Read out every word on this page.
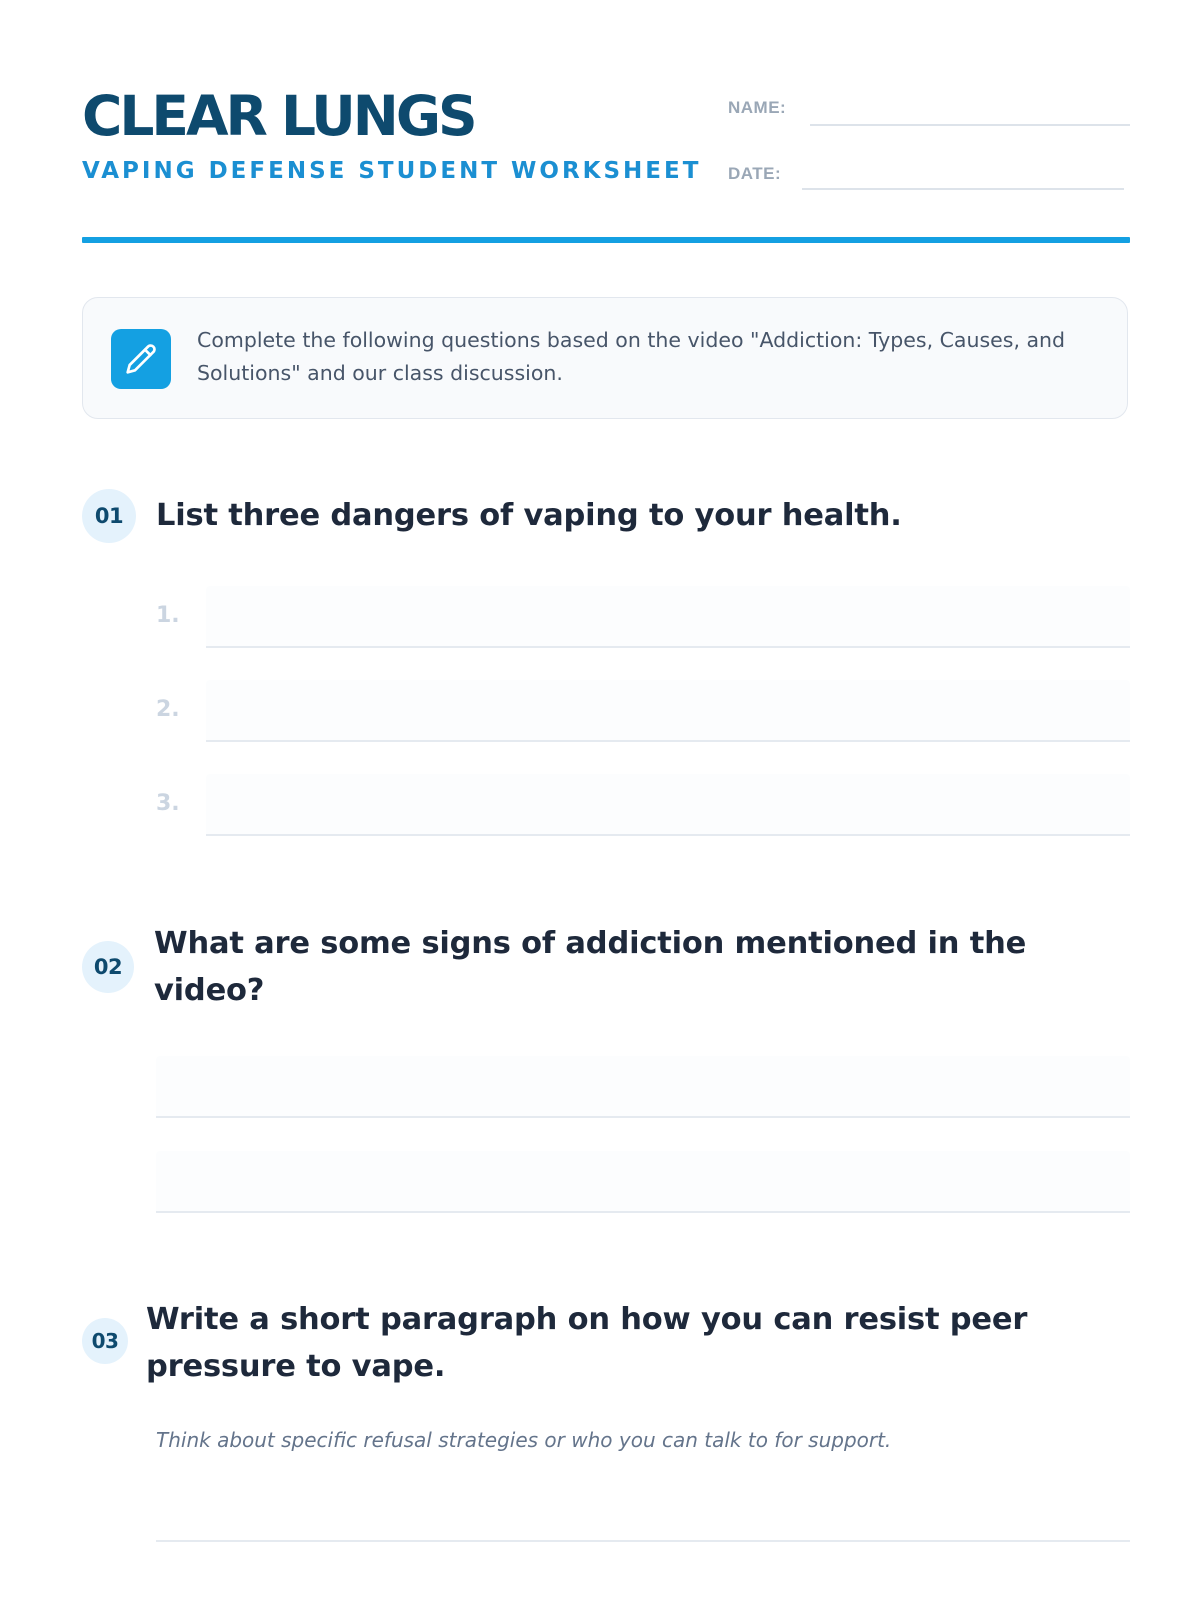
CLEAR LUNGS
VAPING DEFENSE STUDENT WORKSHEET
NAME:
DATE:
Complete the following questions based on the video "Addiction: Types, Causes, and Solutions" and our class discussion.
01	List three dangers of vaping to your health.
1.
2.
3.
02
What are some signs of addiction mentioned in the video?
03
Write a short paragraph on how you can resist peer pressure to vape.
Think about specific refusal strategies or who you can talk to for support.
